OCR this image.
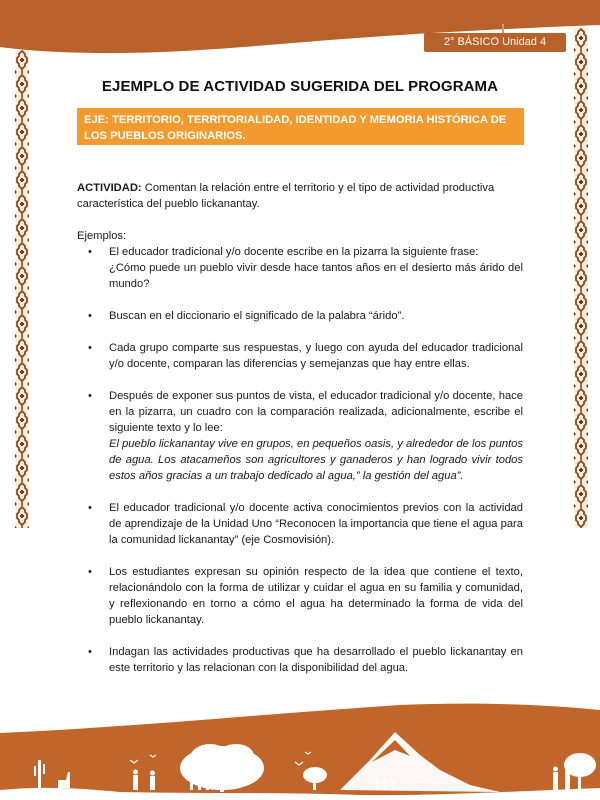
2° BÁSICO Unidad 4
EJEMPLO DE ACTIVIDAD SUGERIDA DEL PROGRAMA
EJE: TERRITORIO, TERRITORIALIDAD, IDENTIDAD Y MEMORIA HISTÓRICA DE LOS PUEBLOS ORIGINARIOS.

ACTIVIDAD: Comentan la relación entre el territorio y el tipo de actividad productiva característica del pueblo lickanantay.

Ejemplos:

• El educador tradicional y/o docente escribe en la pizarra la siguiente frase:
¿Cómo puede un pueblo vivir desde hace tantos años en el desierto más árido del mundo?
• Buscan en el diccionario el significado de la palabra “árido”.
• Cada grupo comparte sus respuestas, y luego con ayuda del educador tradicional y/o docente, comparan las diferencias y semejanzas que hay entre ellas.
• Después de exponer sus puntos de vista, el educador tradicional y/o docente, hace en la pizarra, un cuadro con la comparación realizada, adicionalmente, escribe el siguiente texto y lo lee:
El pueblo lickanantay vive en grupos, en pequeños oasis, y alrededor de los puntos de agua. Los atacameños son agricultores y ganaderos y han logrado vivir todos estos años gracias a un trabajo dedicado al agua,” la gestión del agua”.
• El educador tradicional y/o docente activa conocimientos previos con la actividad de aprendizaje de la Unidad Uno “Reconocen la importancia que tiene el agua para la comunidad lickanantay” (eje Cosmovisión).
• Los estudiantes expresan su opinión respecto de la idea que contiene el texto, relacionándolo con la forma de utilizar y cuidar el agua en su familia y comunidad, y reflexionando en torno a cómo el agua ha determinado la forma de vida del pueblo lickanantay.
• Indagan las actividades productivas que ha desarrollado el pueblo lickanantay en este territorio y las relacionan con la disponibilidad del agua.
